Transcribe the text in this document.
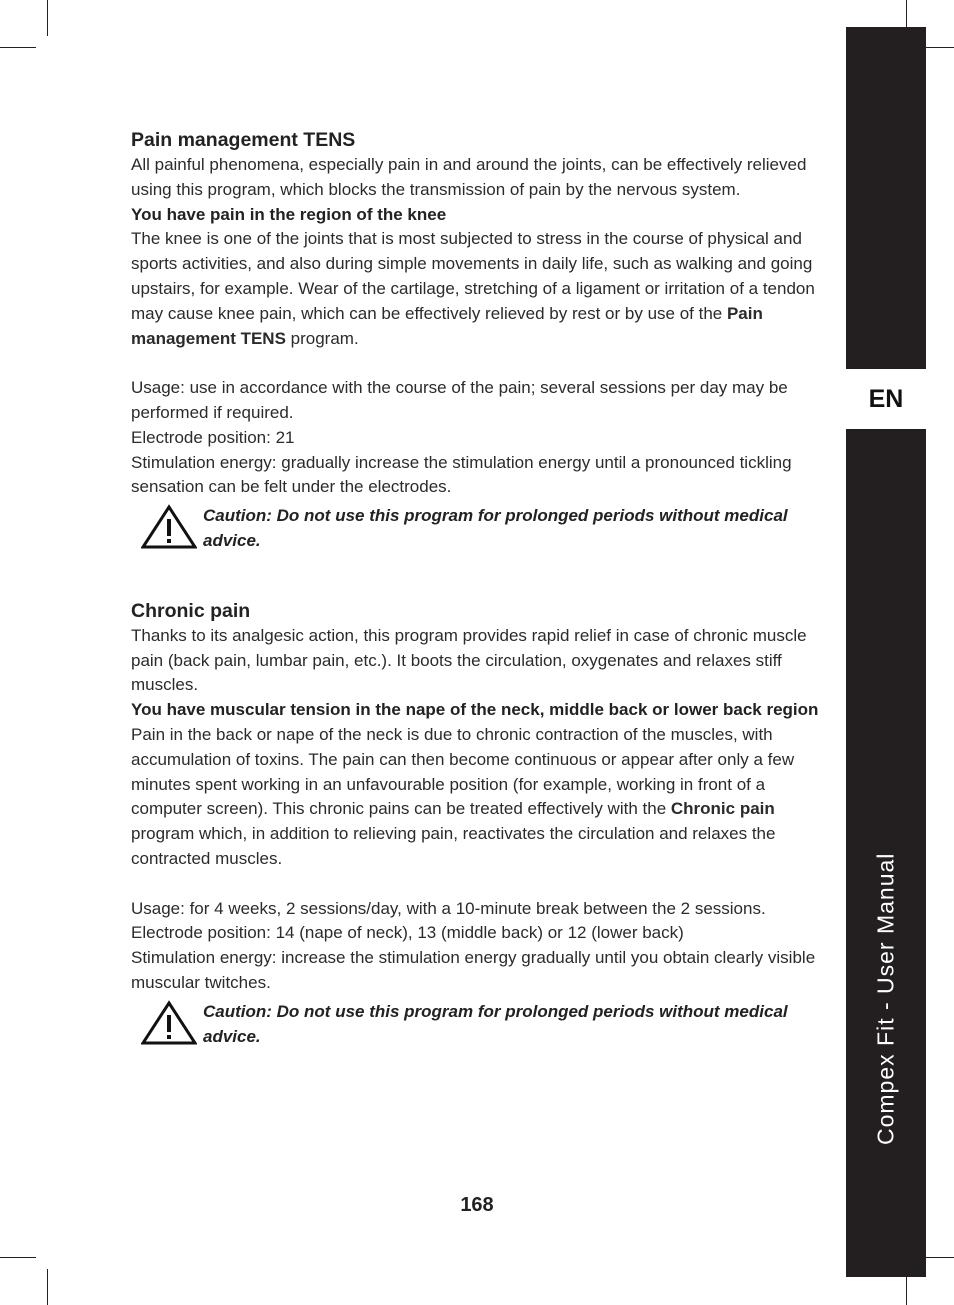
EN
Compex Fit - User Manual

Pain management TENS

All painful phenomena, especially pain in and around the joints, can be effectively relieved using this program, which blocks the transmission of pain by the nervous system.

You have pain in the region of the knee

The knee is one of the joints that is most subjected to stress in the course of physical and sports activities, and also during simple movements in daily life, such as walking and going upstairs, for example. Wear of the cartilage, stretching of a ligament or irritation of a tendon may cause knee pain, which can be effectively relieved by rest or by use of the Pain management TENS program.

Usage: use in accordance with the course of the pain; several sessions per day may be performed if required.

Electrode position: 21

Stimulation energy: gradually increase the stimulation energy until a pronounced tickling sensation can be felt under the electrodes.

Caution: Do not use this program for prolonged periods without medical advice.

Chronic pain

Thanks to its analgesic action, this program provides rapid relief in case of chronic muscle pain (back pain, lumbar pain, etc.). It boots the circulation, oxygenates and relaxes stiff muscles.

You have muscular tension in the nape of the neck, middle back or lower back region

Pain in the back or nape of the neck is due to chronic contraction of the muscles, with accumulation of toxins. The pain can then become continuous or appear after only a few minutes spent working in an unfavourable position (for example, working in front of a computer screen). This chronic pains can be treated effectively with the Chronic pain program which, in addition to relieving pain, reactivates the circulation and relaxes the contracted muscles.

Usage: for 4 weeks, 2 sessions/day, with a 10-minute break between the 2 sessions.

Electrode position: 14 (nape of neck), 13 (middle back) or 12 (lower back)

Stimulation energy: increase the stimulation energy gradually until you obtain clearly visible muscular twitches.

Caution: Do not use this program for prolonged periods without medical advice.

168
